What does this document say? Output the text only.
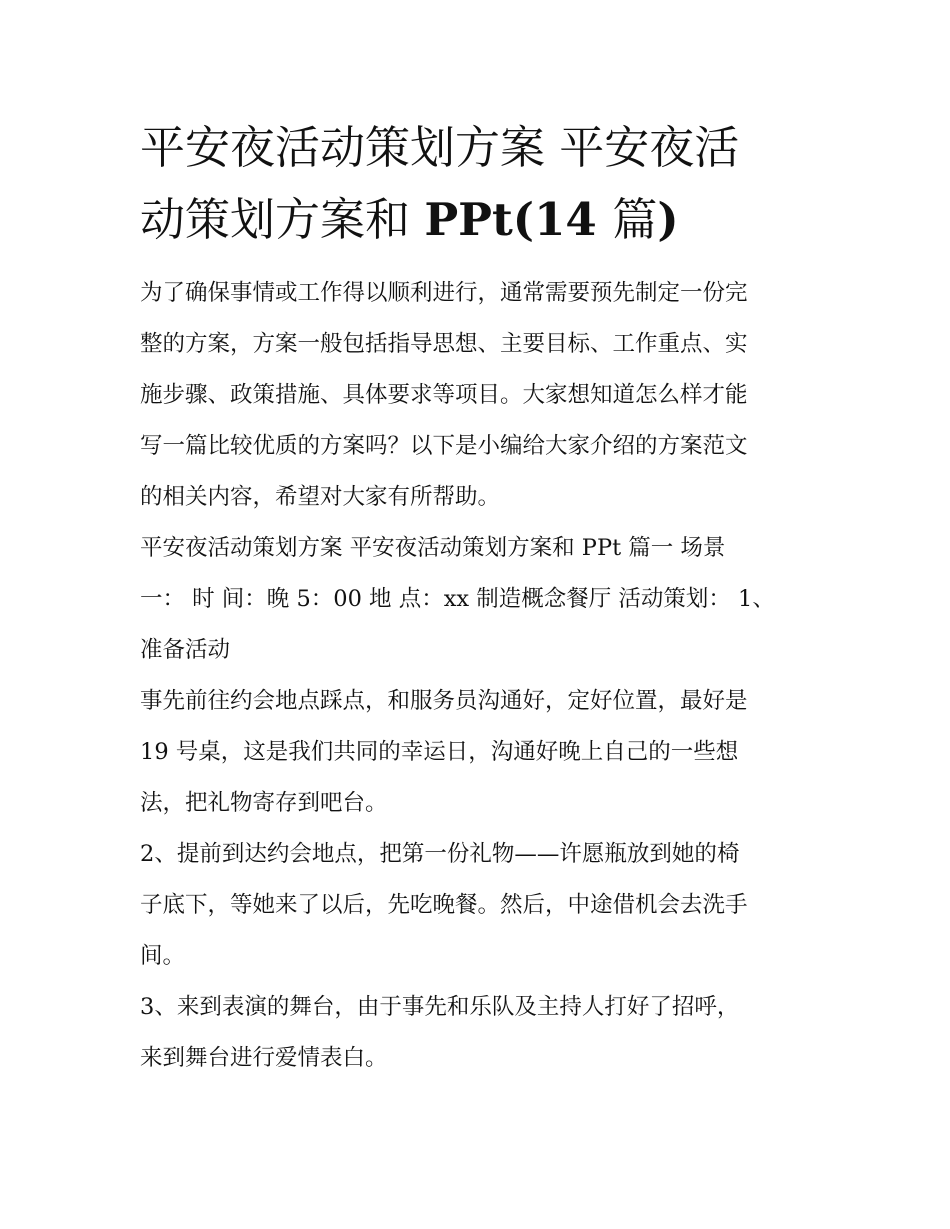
平安夜活动策划方案 平安夜活
动策划方案和 PPt(14 篇)

为了确保事情或工作得以顺利进行，通常需要预先制定一份完
整的方案，方案一般包括指导思想、主要目标、工作重点、实
施步骤、政策措施、具体要求等项目。大家想知道怎么样才能
写一篇比较优质的方案吗？以下是小编给大家介绍的方案范文
的相关内容，希望对大家有所帮助。

平安夜活动策划方案 平安夜活动策划方案和 PPt 篇一 场景
一： 时 间：晚 5：00 地 点：xx 制造概念餐厅 活动策划： 1、
准备活动

事先前往约会地点踩点，和服务员沟通好，定好位置，最好是
19 号桌，这是我们共同的幸运日，沟通好晚上自己的一些想
法，把礼物寄存到吧台。

2、提前到达约会地点，把第一份礼物——许愿瓶放到她的椅
子底下，等她来了以后，先吃晚餐。然后，中途借机会去洗手
间。

3、来到表演的舞台，由于事先和乐队及主持人打好了招呼，
来到舞台进行爱情表白。
